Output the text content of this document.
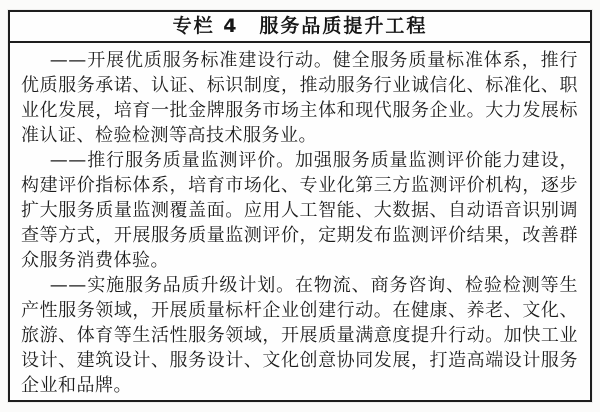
专栏 4　服务品质提升工程

——开展优质服务标准建设行动。健全服务质量标准体系，推行优质服务承诺、认证、标识制度，推动服务行业诚信化、标准化、职业化发展，培育一批金牌服务市场主体和现代服务企业。大力发展标准认证、检验检测等高技术服务业。

——推行服务质量监测评价。加强服务质量监测评价能力建设，构建评价指标体系，培育市场化、专业化第三方监测评价机构，逐步扩大服务质量监测覆盖面。应用人工智能、大数据、自动语音识别调查等方式，开展服务质量监测评价，定期发布监测评价结果，改善群众服务消费体验。

——实施服务品质升级计划。在物流、商务咨询、检验检测等生产性服务领域，开展质量标杆企业创建行动。在健康、养老、文化、旅游、体育等生活性服务领域，开展质量满意度提升行动。加快工业设计、建筑设计、服务设计、文化创意协同发展，打造高端设计服务企业和品牌。
